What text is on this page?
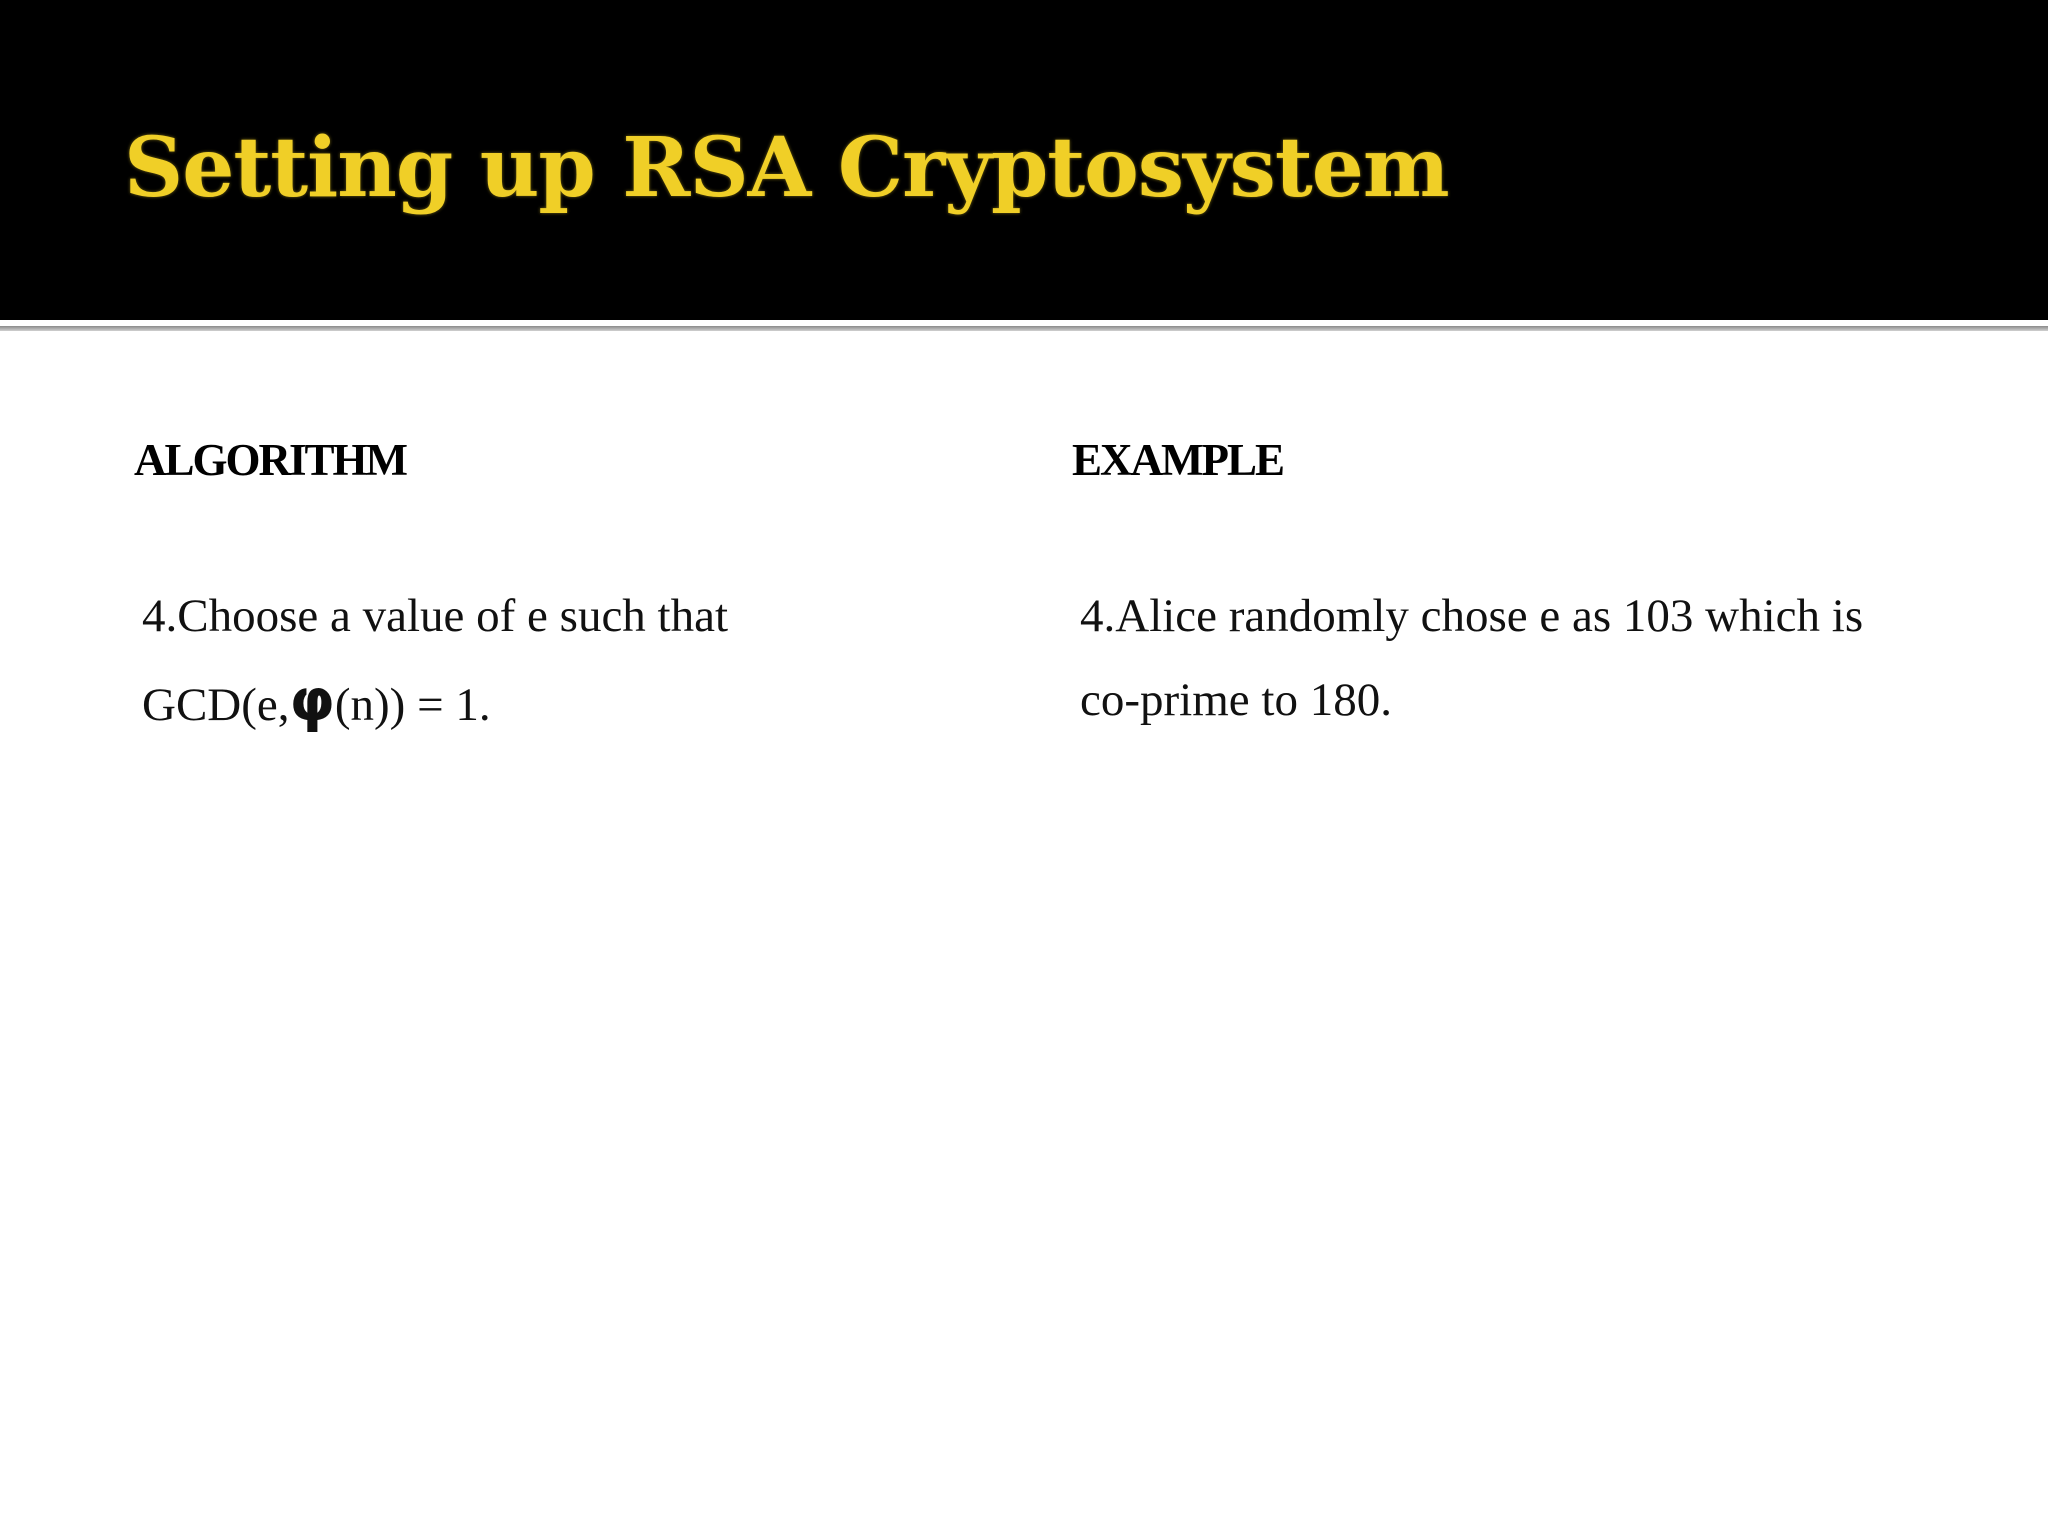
Setting up RSA Cryptosystem
ALGORITHM

4.Choose a value of e such that
GCD(e,φ(n)) = 1.

EXAMPLE

4.Alice randomly chose e as 103 which is
co-prime to 180.
